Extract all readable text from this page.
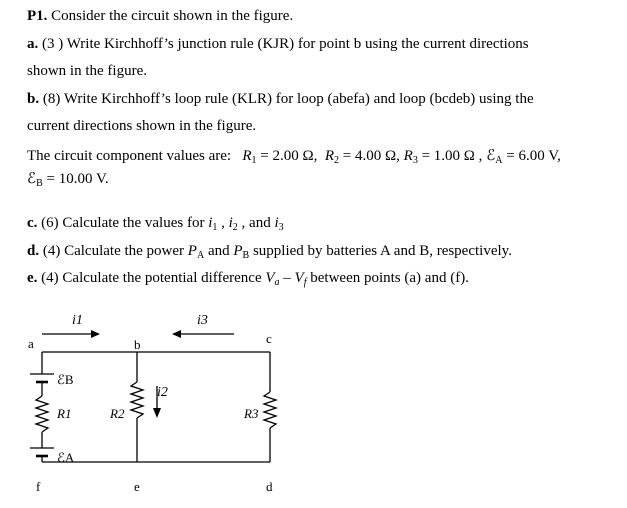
P1. Consider the circuit shown in the figure.
a. (3 ) Write Kirchhoff’s junction rule (KJR) for point b using the current directions
shown in the figure.
b. (8) Write Kirchhoff’s loop rule (KLR) for loop (abefa) and loop (bcdeb) using the
current directions shown in the figure.
The circuit component values are: $R_1 = 2.00$ Ω, $R_2 = 4.00$ Ω, $R_3 = 1.00$ Ω , ℰ$_A$ = 6.00 V,
ℰ$_B$ = 10.00 V.
c. (6) Calculate the values for $i_1$ , $i_2$ , and $i_3$
d. (4) Calculate the power $P_A$ and $P_B$ supplied by batteries A and B, respectively.
e. (4) Calculate the potential difference $V_a - V_f$ between points (a) and (f).
a	b	c
d
e
f
i1	i3
i2
ℰB
R1	R2	R3
ℰA
